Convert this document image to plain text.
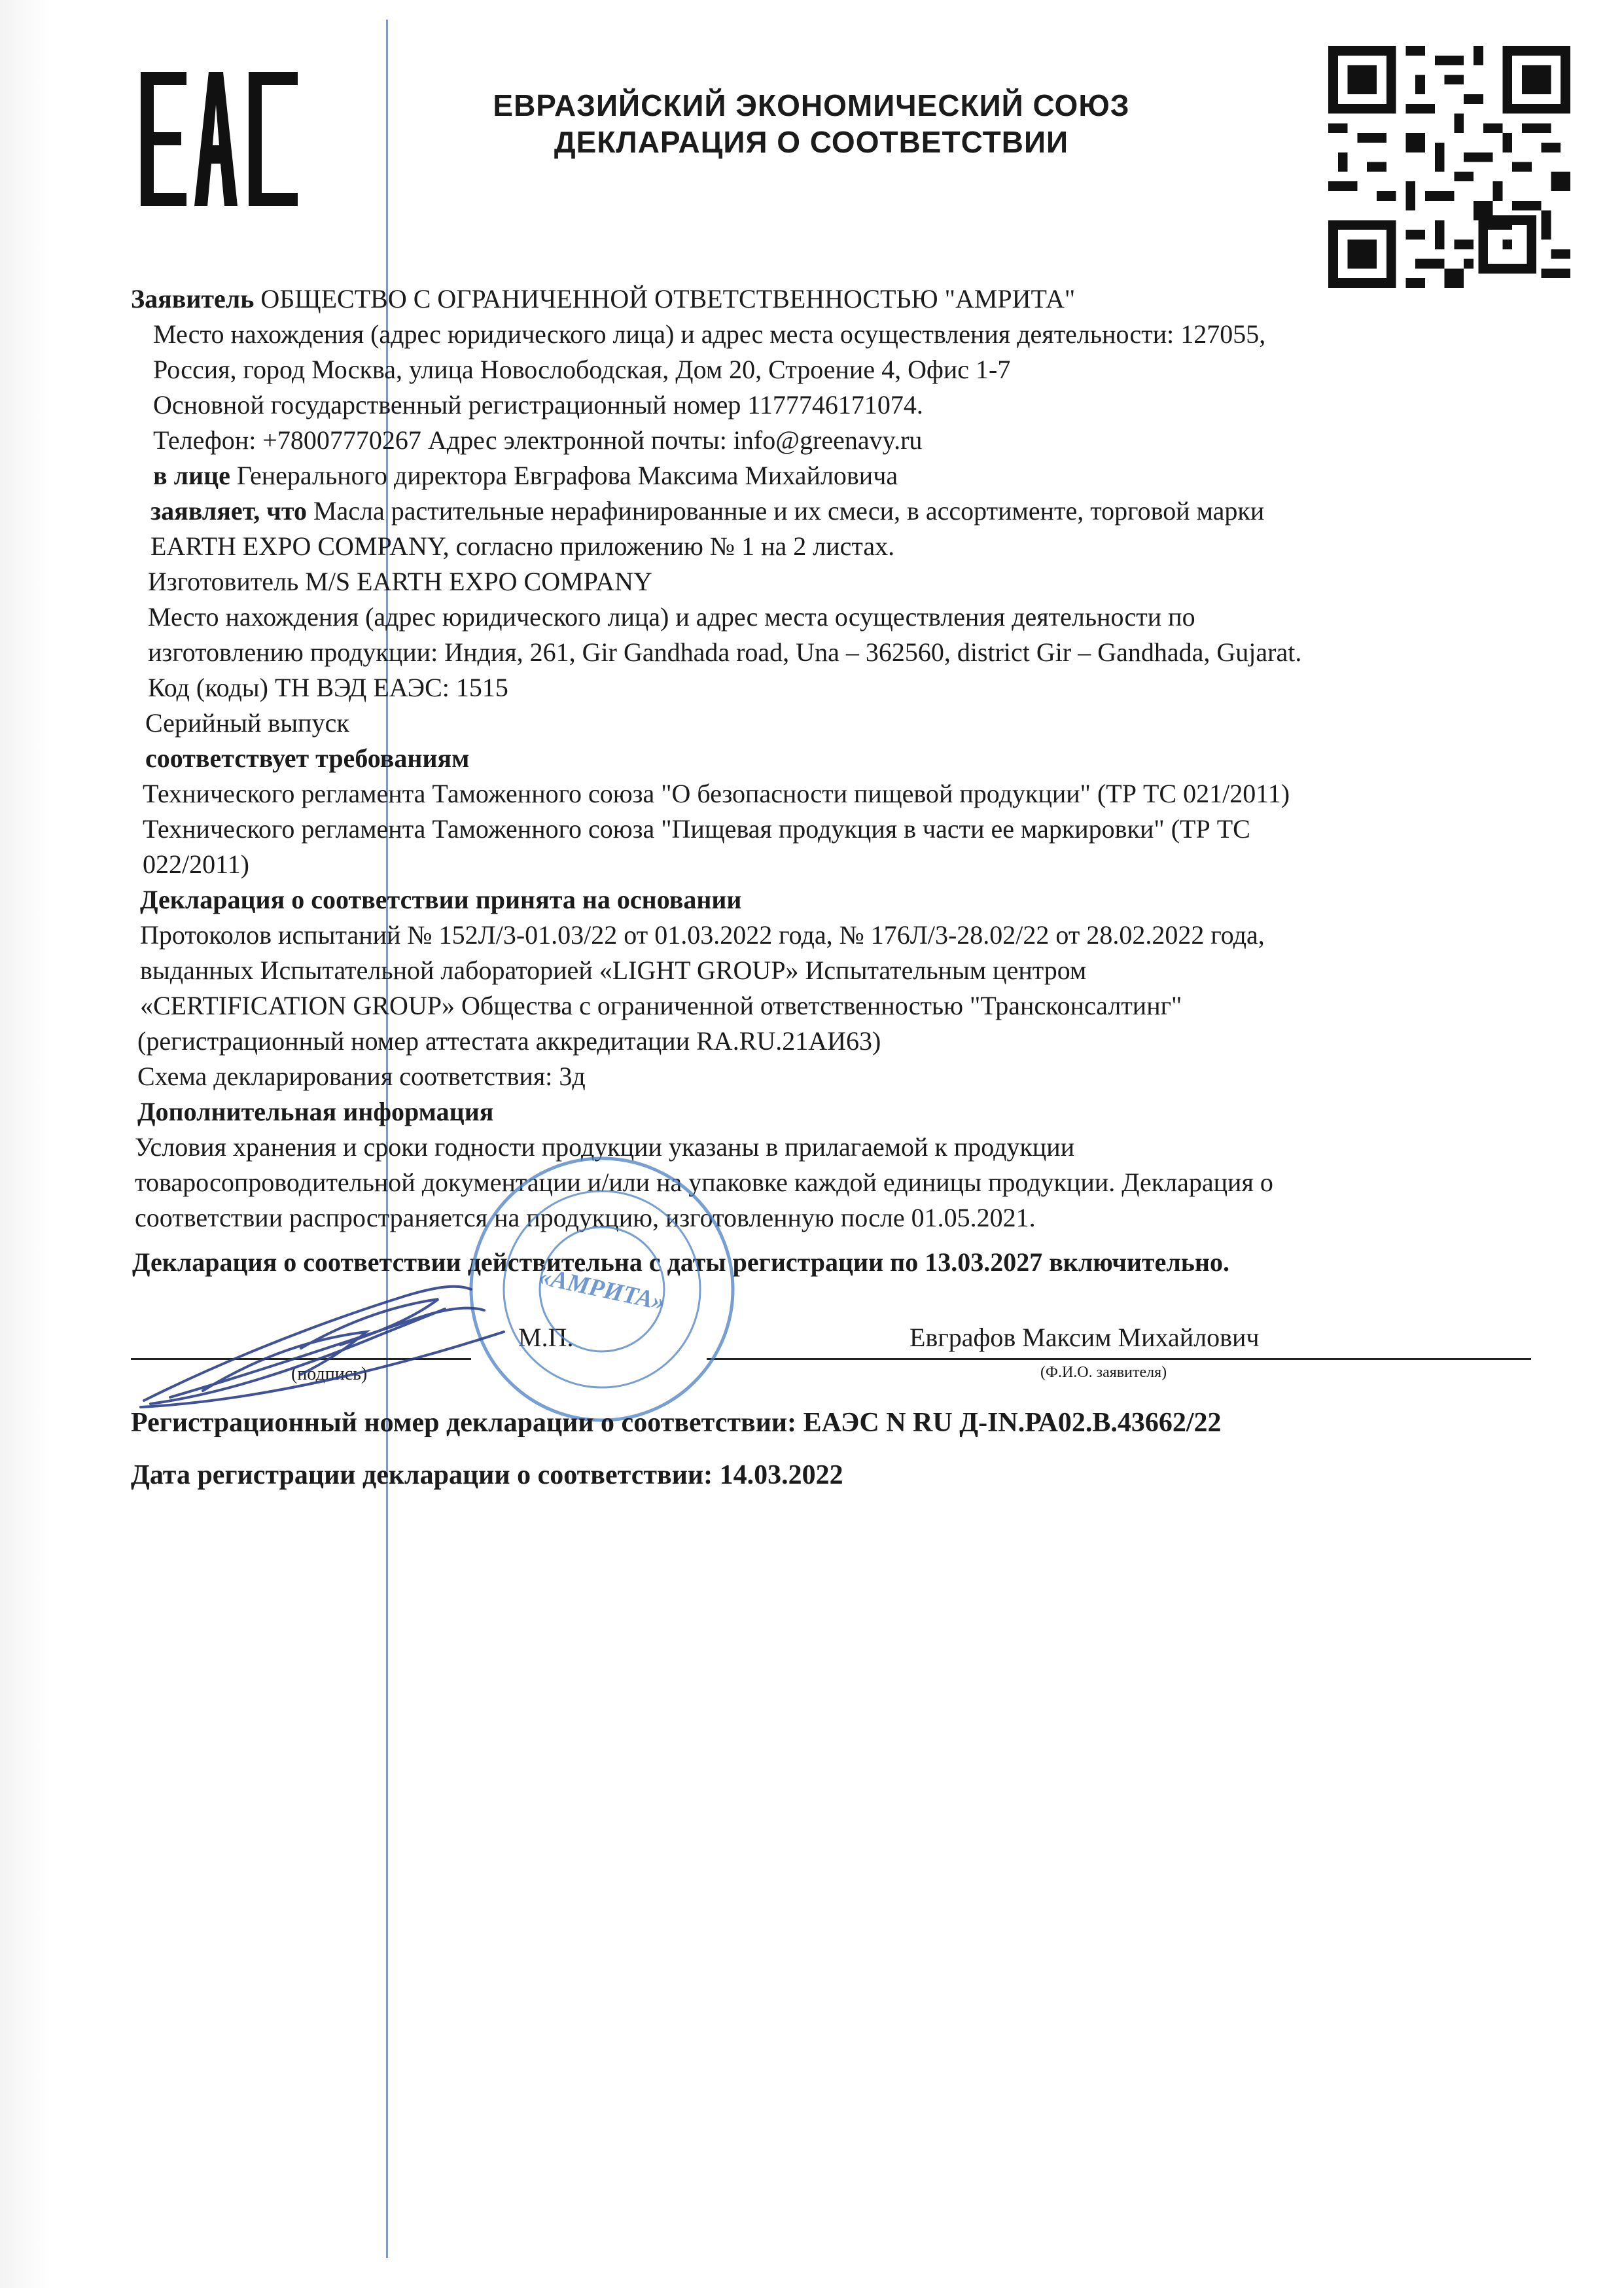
ЕВРАЗИЙСКИЙ ЭКОНОМИЧЕСКИЙ СОЮЗ
ДЕКЛАРАЦИЯ О СООТВЕТСТВИИ
Заявитель ОБЩЕСТВО С ОГРАНИЧЕННОЙ ОТВЕТСТВЕННОСТЬЮ "АМРИТА"
Место нахождения (адрес юридического лица) и адрес места осуществления деятельности: 127055,
Россия, город Москва, улица Новослободская, Дом 20, Строение 4, Офис 1-7
Основной государственный регистрационный номер 1177746171074.
Телефон: +78007770267 Адрес электронной почты: info@greenavy.ru
в лице Генерального директора Евграфова Максима Михайловича
заявляет, что Масла растительные нерафинированные и их смеси, в ассортименте, торговой марки
EARTH EXPO COMPANY, согласно приложению № 1 на 2 листах.
Изготовитель M/S EARTH EXPO COMPANY
Место нахождения (адрес юридического лица) и адрес места осуществления деятельности по
изготовлению продукции: Индия, 261, Gir Gandhada road, Una – 362560, district Gir – Gandhada, Gujarat.
Код (коды) ТН ВЭД ЕАЭС: 1515
Серийный выпуск
соответствует требованиям
Технического регламента Таможенного союза "О безопасности пищевой продукции" (ТР ТС 021/2011)
Технического регламента Таможенного союза "Пищевая продукция в части ее маркировки" (ТР ТС
022/2011)
Декларация о соответствии принята на основании
Протоколов испытаний № 152Л/3-01.03/22 от 01.03.2022 года, № 176Л/3-28.02/22 от 28.02.2022 года,
выданных Испытательной лабораторией «LIGHT GROUP» Испытательным центром
«CERTIFICATION GROUP» Общества с ограниченной ответственностью "Трансконсалтинг"
(регистрационный номер аттестата аккредитации RA.RU.21АИ63)
Схема декларирования соответствия: 3д
Дополнительная информация
Условия хранения и сроки годности продукции указаны в прилагаемой к продукции
товаросопроводительной документации и/или на упаковке каждой единицы продукции. Декларация о
соответствии распространяется на продукцию, изготовленную после 01.05.2021.
Декларация о соответствии действительна с даты регистрации по 13.03.2027 включительно.
М.П.	Евграфов Максим Михайлович
(подпись)	(Ф.И.О. заявителя)
«АМРИТА»
Регистрационный номер декларации о соответствии: ЕАЭС N RU Д-IN.РА02.В.43662/22
Дата регистрации декларации о соответствии: 14.03.2022
